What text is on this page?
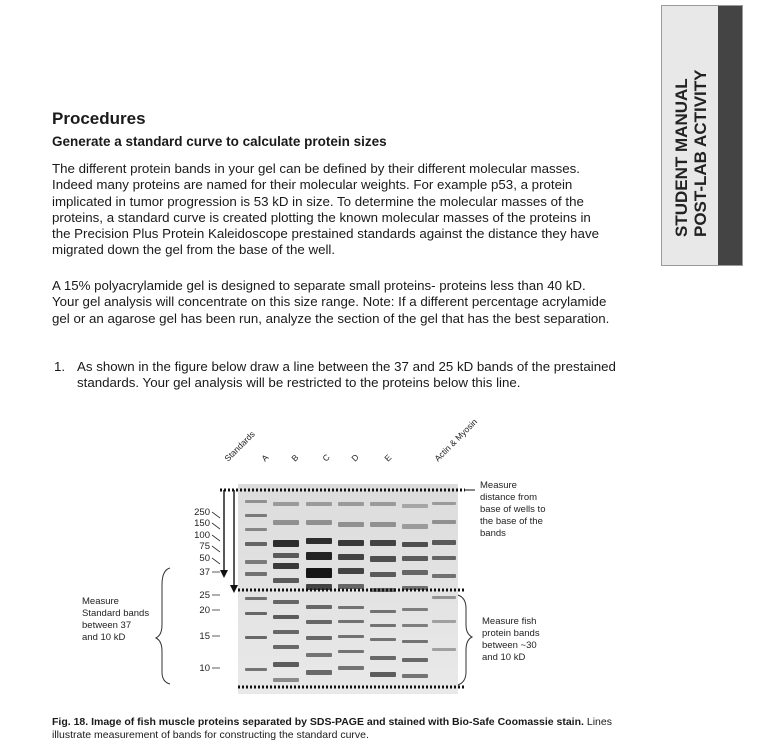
STUDENT MANUAL POST-LAB ACTIVITY
Procedures
Generate a standard curve to calculate protein sizes
The different protein bands in your gel can be defined by their different molecular masses. Indeed many proteins are named for their molecular weights. For example p53, a protein implicated in tumor progression is 53 kD in size. To determine the molecular masses of the proteins, a standard curve is created plotting the known molecular masses of the proteins in the Precision Plus Protein Kaleidoscope prestained standards against the distance they have migrated down the gel from the base of the well.
A 15% polyacrylamide gel is designed to separate small proteins- proteins less than 40 kD. Your gel analysis will concentrate on this size range. Note: If a different percentage acrylamide gel or an agarose gel has been run, analyze the section of the gel that has the best separation.
1. As shown in the figure below draw a line between the 37 and 25 kD bands of the prestained standards. Your gel analysis will be restricted to the proteins below this line.
250
150
100
75
50
37
25
20
15
10
Standards A B C D	E	Actin & Myosin
Measure distance from base of wells to the base of the bands
Measure Standard bands between 37 and 10 kD
Measure fish protein bands between ~30 and 10 kD
Fig. 18. Image of fish muscle proteins separated by SDS-PAGE and stained with Bio-Safe Coomassie stain. Lines illustrate measurement of bands for constructing the standard curve.
